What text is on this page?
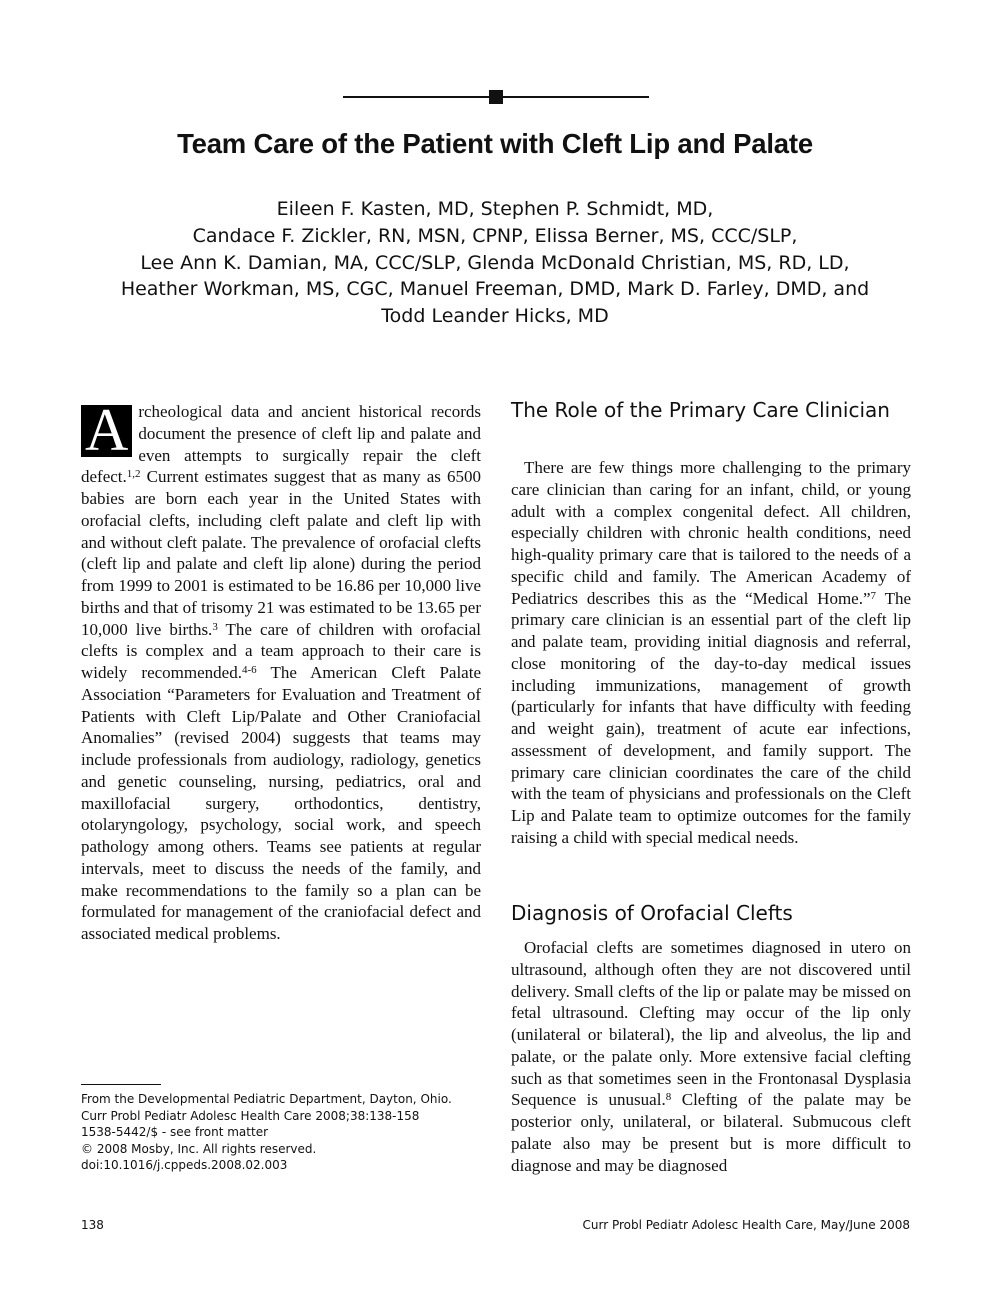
Team Care of the Patient with Cleft Lip and Palate
Eileen F. Kasten, MD, Stephen P. Schmidt, MD,
Candace F. Zickler, RN, MSN, CPNP, Elissa Berner, MS, CCC/SLP,
Lee Ann K. Damian, MA, CCC/SLP, Glenda McDonald Christian, MS, RD, LD,
Heather Workman, MS, CGC, Manuel Freeman, DMD, Mark D. Farley, DMD, and
Todd Leander Hicks, MD

A rcheological data and ancient historical records document the presence of cleft lip and palate and even attempts to surgically repair the cleft defect.$^{1,2}$ Current estimates suggest that as many as 6500 babies are born each year in the United States with orofacial clefts, including cleft palate and cleft lip with and without cleft palate. The prevalence of orofacial clefts (cleft lip and palate and cleft lip alone) during the period from 1999 to 2001 is estimated to be 16.86 per 10,000 live births and that of trisomy 21 was estimated to be 13.65 per 10,000 live births.$^3$ The care of children with orofacial clefts is complex and a team approach to their care is widely recommended.$^{4-6}$ The American Cleft Palate Association “Parameters for Evaluation and Treatment of Patients with Cleft Lip/Palate and Other Craniofacial Anomalies” (revised 2004) suggests that teams may include professionals from audiology, radiology, genetics and genetic counseling, nursing, pediatrics, oral and maxillofacial surgery, orthodontics, dentistry, otolaryngology, psychology, social work, and speech pathology among others. Teams see patients at regular intervals, meet to discuss the needs of the family, and make recommendations to the family so a plan can be formulated for management of the craniofacial defect and associated medical problems.

The Role of the Primary Care Clinician

There are few things more challenging to the primary care clinician than caring for an infant, child, or young adult with a complex congenital defect. All children, especially children with chronic health conditions, need high-quality primary care that is tailored to the needs of a specific child and family. The American Academy of Pediatrics describes this as the “Medical Home.”$^7$ The primary care clinician is an essential part of the cleft lip and palate team, providing initial diagnosis and referral, close monitoring of the day-to-day medical issues including immunizations, management of growth (particularly for infants that have difficulty with feeding and weight gain), treatment of acute ear infections, assessment of development, and family support. The primary care clinician coordinates the care of the child with the team of physicians and professionals on the Cleft Lip and Palate team to optimize outcomes for the family raising a child with special medical needs.

Diagnosis of Orofacial Clefts

Orofacial clefts are sometimes diagnosed in utero on ultrasound, although often they are not discovered until delivery. Small clefts of the lip or palate may be missed on fetal ultrasound. Clefting may occur of the lip only (unilateral or bilateral), the lip and alveolus, the lip and palate, or the palate only. More extensive facial clefting such as that sometimes seen in the Frontonasal Dysplasia Sequence is unusual.$^8$ Clefting of the palate may be posterior only, unilateral, or bilateral. Submucous cleft palate also may be present but is more difficult to diagnose and may be diagnosed

From the Developmental Pediatric Department, Dayton, Ohio.
Curr Probl Pediatr Adolesc Health Care 2008;38:138-158
1538-5442/$ - see front matter
© 2008 Mosby, Inc. All rights reserved.
doi:10.1016/j.cppeds.2008.02.003
138	Curr Probl Pediatr Adolesc Health Care, May/June 2008
